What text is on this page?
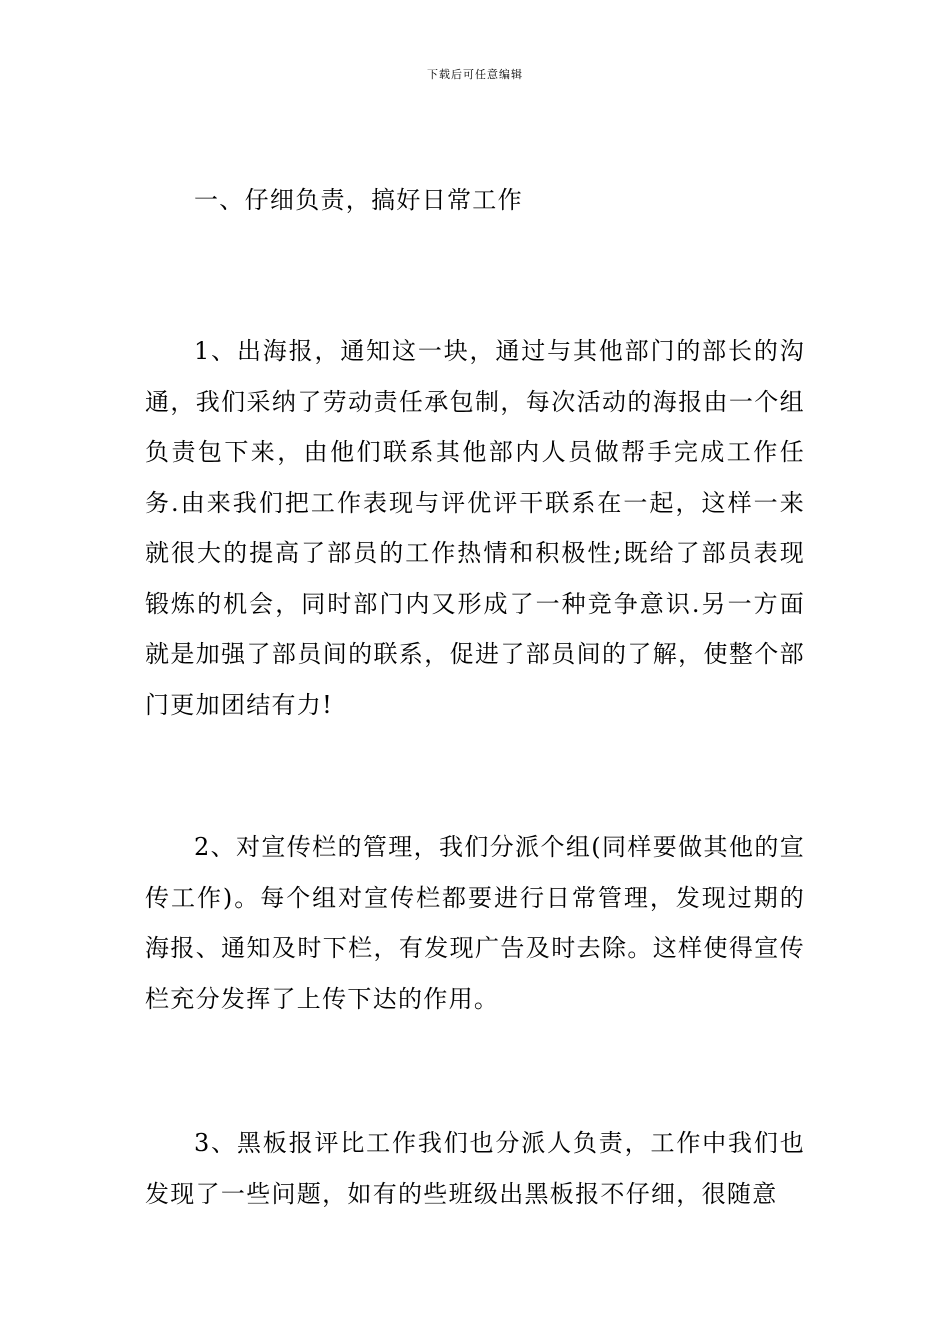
下载后可任意编辑
一、仔细负责，搞好日常工作
1、出海报，通知这一块，通过与其他部门的部长的沟通，我们采纳了劳动责任承包制，每次活动的海报由一个组负责包下来，由他们联系其他部内人员做帮手完成工作任务.由来我们把工作表现与评优评干联系在一起，这样一来就很大的提高了部员的工作热情和积极性;既给了部员表现锻炼的机会，同时部门内又形成了一种竞争意识.另一方面就是加强了部员间的联系，促进了部员间的了解，使整个部门更加团结有力!
2、对宣传栏的管理，我们分派个组(同样要做其他的宣传工作)。每个组对宣传栏都要进行日常管理，发现过期的海报、通知及时下栏，有发现广告及时去除。这样使得宣传栏充分发挥了上传下达的作用。
3、黑板报评比工作我们也分派人负责，工作中我们也发现了一些问题，如有的些班级出黑板报不仔细，很随意
